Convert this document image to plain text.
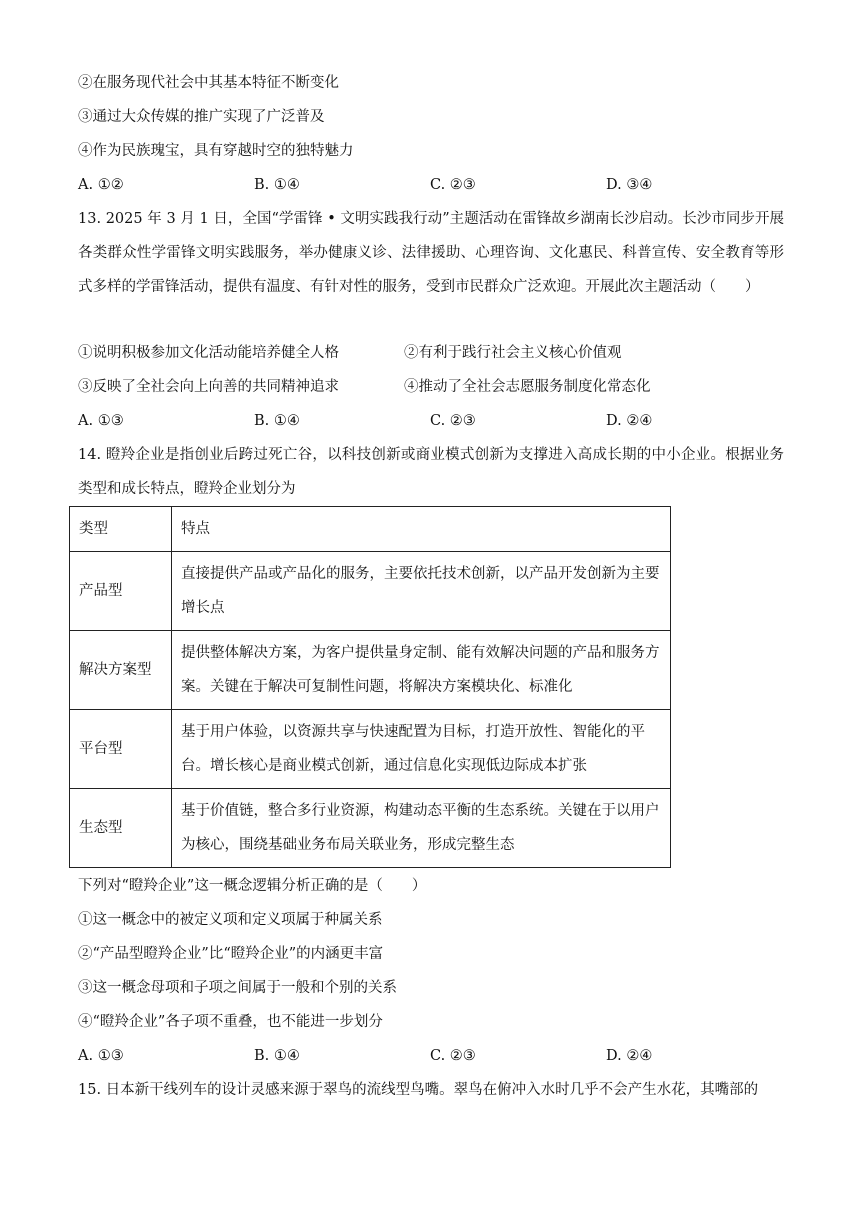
②在服务现代社会中其基本特征不断变化
③通过大众传媒的推广实现了广泛普及
④作为民族瑰宝，具有穿越时空的独特魅力
A. ①②	B. ①④	C. ②③	D. ③④
13. 2025 年 3 月 1 日，全国“学雷锋 • 文明实践我行动”主题活动在雷锋故乡湖南长沙启动。长沙市同步开展各类群众性学雷锋文明实践服务，举办健康义诊、法律援助、心理咨询、文化惠民、科普宣传、安全教育等形式多样的学雷锋活动，提供有温度、有针对性的服务，受到市民群众广泛欢迎。开展此次主题活动（　　）
①说明积极参加文化活动能培养健全人格	②有利于践行社会主义核心价值观
③反映了全社会向上向善的共同精神追求	④推动了全社会志愿服务制度化常态化
A. ①③	B. ①④	C. ②③	D. ②④
14. 瞪羚企业是指创业后跨过死亡谷，以科技创新或商业模式创新为支撑进入高成长期的中小企业。根据业务类型和成长特点，瞪羚企业划分为
类型	特点
产品型	直接提供产品或产品化的服务，主要依托技术创新，以产品开发创新为主要增长点
解决方案型	提供整体解决方案，为客户提供量身定制、能有效解决问题的产品和服务方案。关键在于解决可复制性问题，将解决方案模块化、标准化
平台型	基于用户体验，以资源共享与快速配置为目标，打造开放性、智能化的平台。增长核心是商业模式创新，通过信息化实现低边际成本扩张
生态型	基于价值链，整合多行业资源，构建动态平衡的生态系统。关键在于以用户为核心，围绕基础业务布局关联业务，形成完整生态
下列对“瞪羚企业”这一概念逻辑分析正确的是（　　）
①这一概念中的被定义项和定义项属于种属关系
②“产品型瞪羚企业”比“瞪羚企业”的内涵更丰富
③这一概念母项和子项之间属于一般和个别的关系
④“瞪羚企业”各子项不重叠，也不能进一步划分
A. ①③	B. ①④	C. ②③	D. ②④
15. 日本新干线列车的设计灵感来源于翠鸟的流线型鸟嘴。翠鸟在俯冲入水时几乎不会产生水花，其嘴部的
